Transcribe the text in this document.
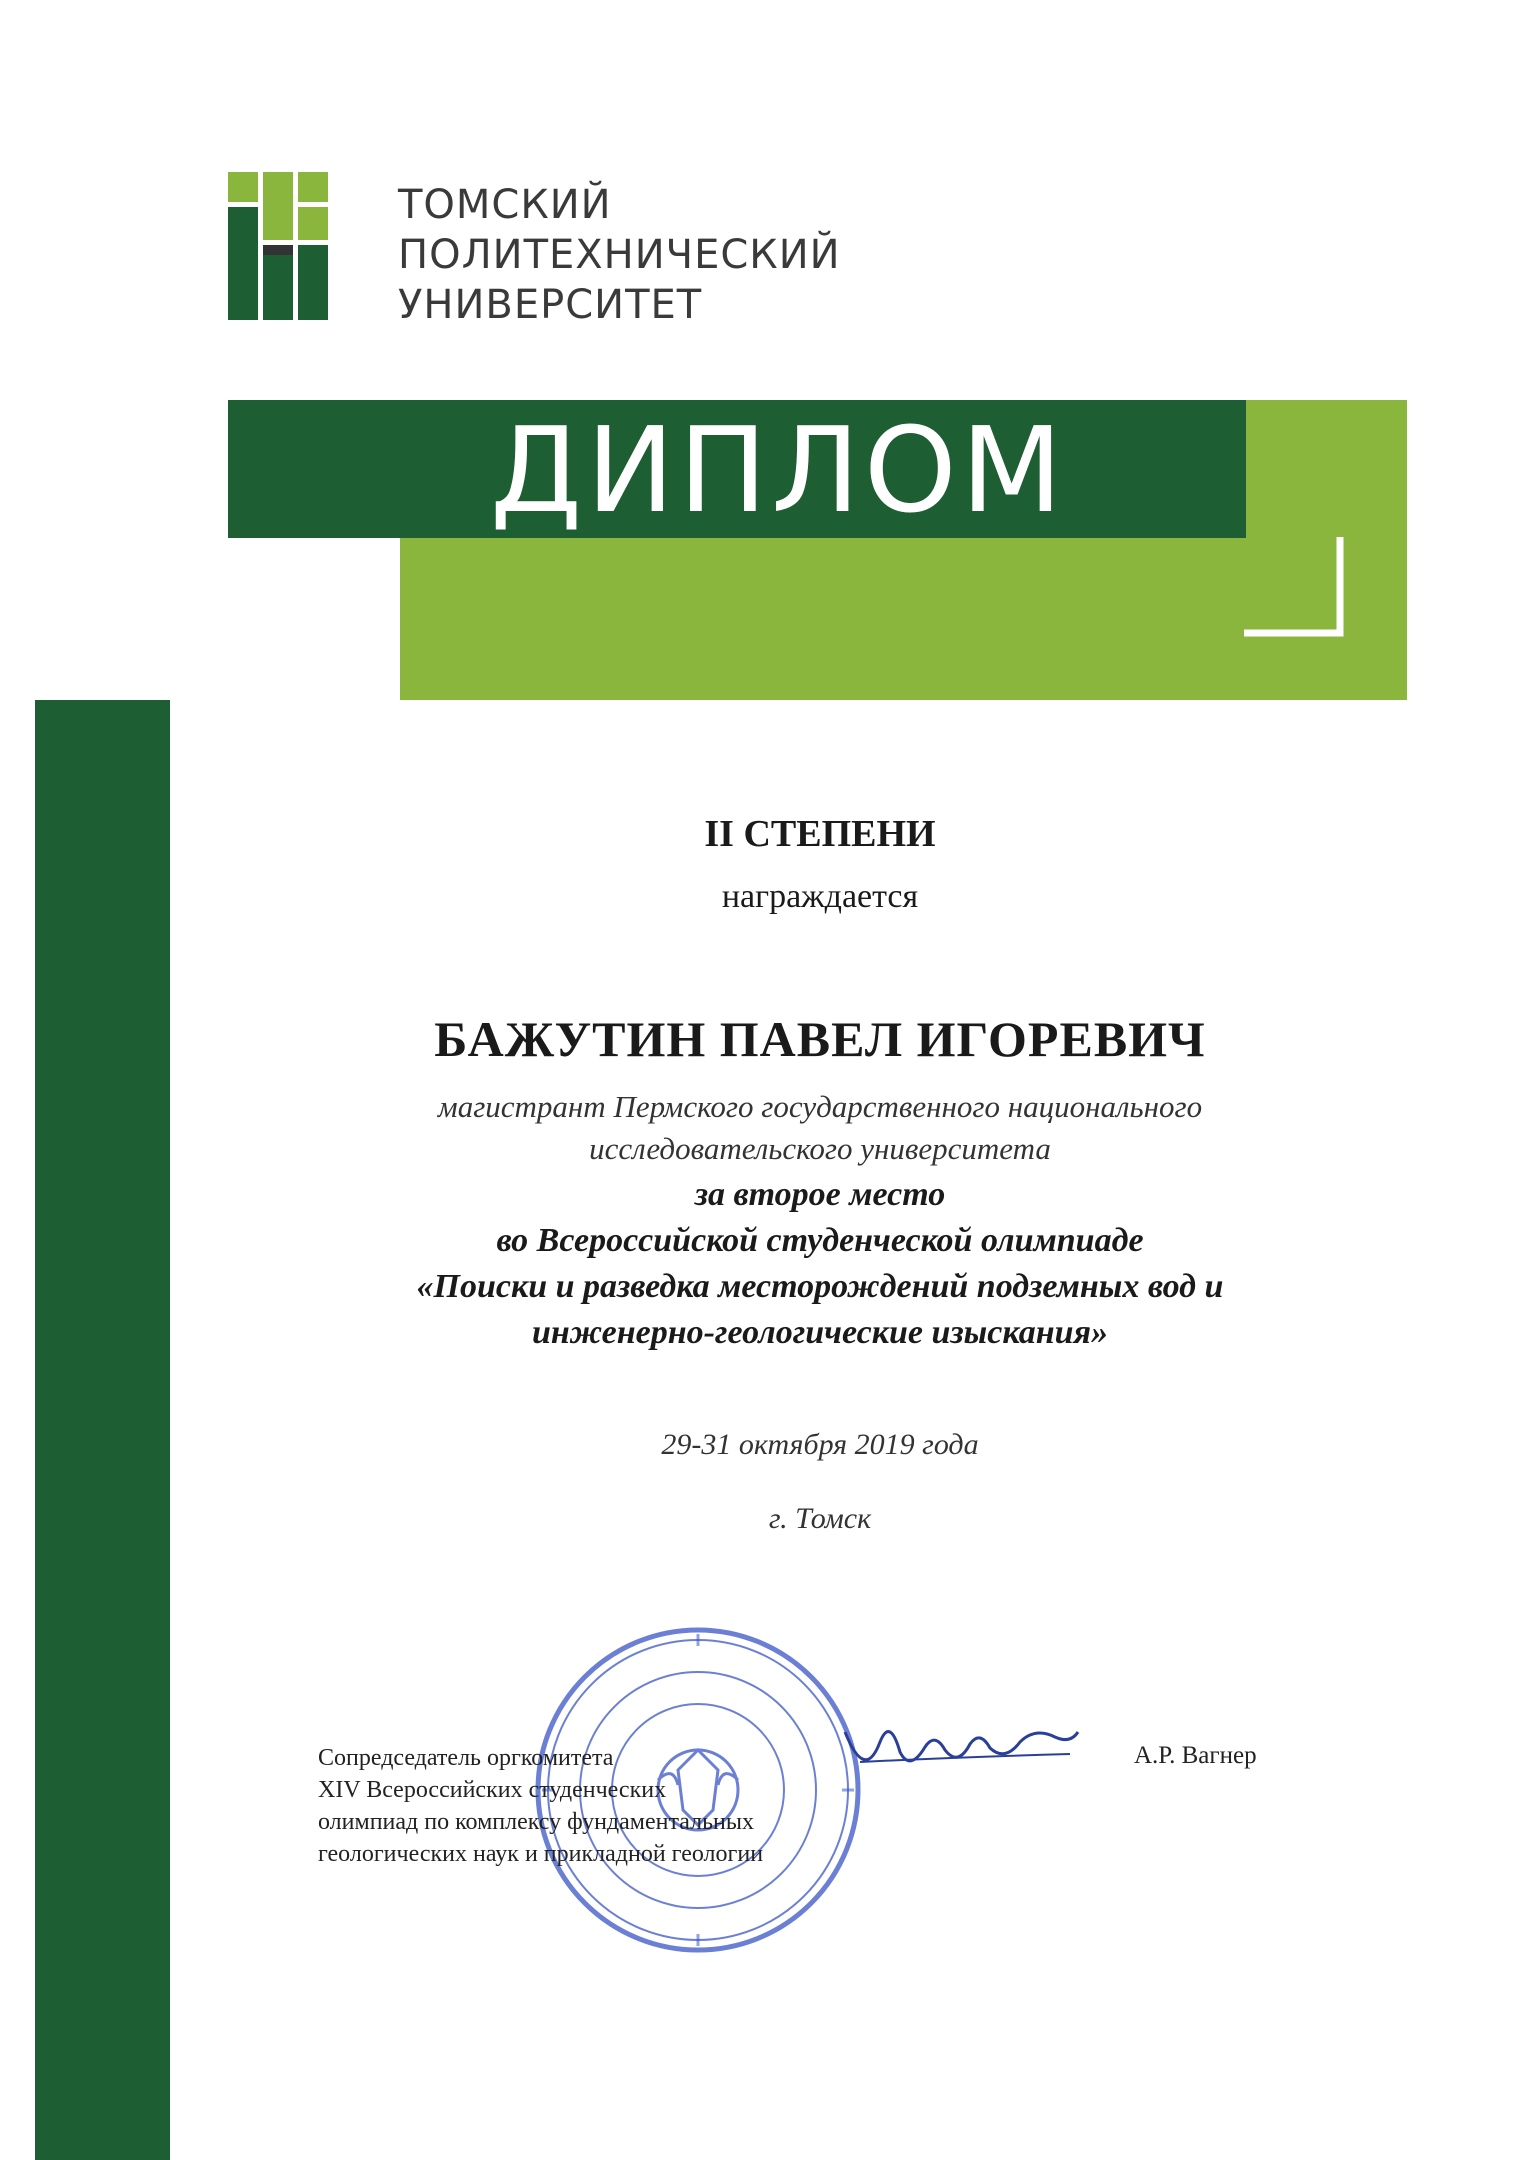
ТОМСКИЙ
ПОЛИТЕХНИЧЕСКИЙ
УНИВЕРСИТЕТ
ДИПЛОМ
II СТЕПЕНИ
награждается
БАЖУТИН ПАВЕЛ ИГОРЕВИЧ
магистрант Пермского государственного национального
исследовательского университета
за второе место
во Всероссийской студенческой олимпиаде
«Поиски и разведка месторождений подземных вод и
инженерно-геологические изыскания»
29-31 октября 2019 года
г. Томск
Сопредседатель оргкомитета
XIV Всероссийских студенческих
олимпиад по комплексу фундаментальных
геологических наук и прикладной геологии
А.Р. Вагнер
